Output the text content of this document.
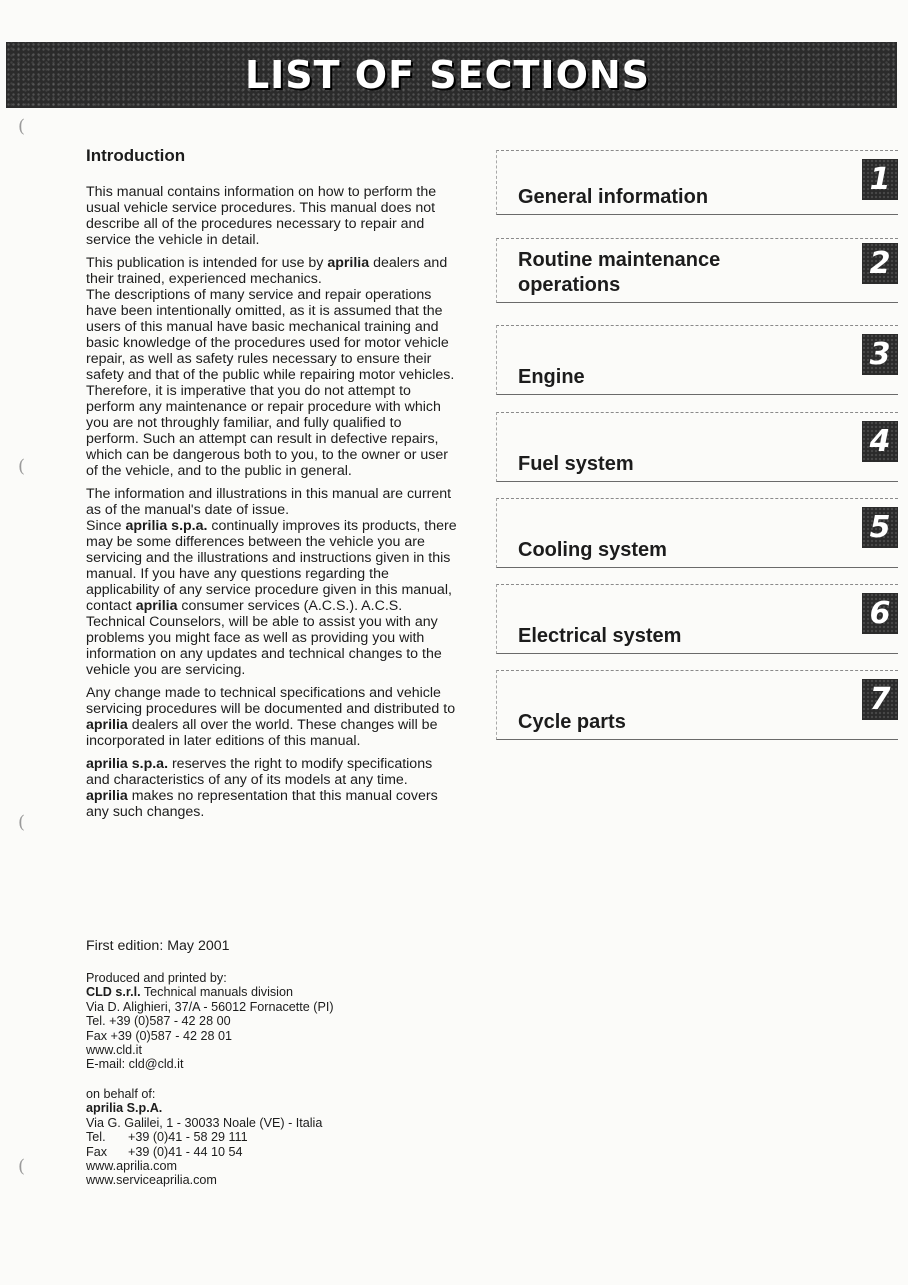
LIST OF SECTIONS
(
(
(
(
Introduction

This manual contains information on how to perform the usual vehicle service procedures. This manual does not describe all of the procedures necessary to repair and service the vehicle in detail.

This publication is intended for use by aprilia dealers and their trained, experienced mechanics.

The descriptions of many service and repair operations have been intentionally omitted, as it is assumed that the users of this manual have basic mechanical training and basic knowledge of the procedures used for motor vehicle repair, as well as safety rules necessary to ensure their safety and that of the public while repairing motor vehicles.

Therefore, it is imperative that you do not attempt to perform any maintenance or repair procedure with which you are not throughly familiar, and fully qualified to perform. Such an attempt can result in defective repairs, which can be dangerous both to you, to the owner or user of the vehicle, and to the public in general.

The information and illustrations in this manual are current as of the manual's date of issue.

Since aprilia s.p.a. continually improves its products, there may be some differences between the vehicle you are servicing and the illustrations and instructions given in this manual. If you have any questions regarding the applicability of any service procedure given in this manual, contact aprilia consumer services (A.C.S.). A.C.S. Technical Counselors, will be able to assist you with any problems you might face as well as providing you with information on any updates and technical changes to the vehicle you are servicing.

Any change made to technical specifications and vehicle servicing procedures will be documented and distributed to aprilia dealers all over the world. These changes will be incorporated in later editions of this manual.

aprilia s.p.a. reserves the right to modify specifications and characteristics of any of its models at any time.

aprilia makes no representation that this manual covers any such changes.

First edition: May 2001
Produced and printed by:
CLD s.r.l. Technical manuals division
Via D. Alighieri, 37/A - 56012 Fornacette (PI)
Tel. +39 (0)587 - 42 28 00
Fax +39 (0)587 - 42 28 01
www.cld.it
E-mail: cld@cld.it
on behalf of:
aprilia S.p.A.
Via G. Galilei, 1 - 30033 Noale (VE) - Italia
Tel. +39 (0)41 - 58 29 111
Fax +39 (0)41 - 44 10 54
www.aprilia.com
www.serviceaprilia.com
General information	1
Routine maintenance
operations
2
Engine
3
Fuel system
4
Cooling system
5
Electrical system
6
Cycle parts
7
